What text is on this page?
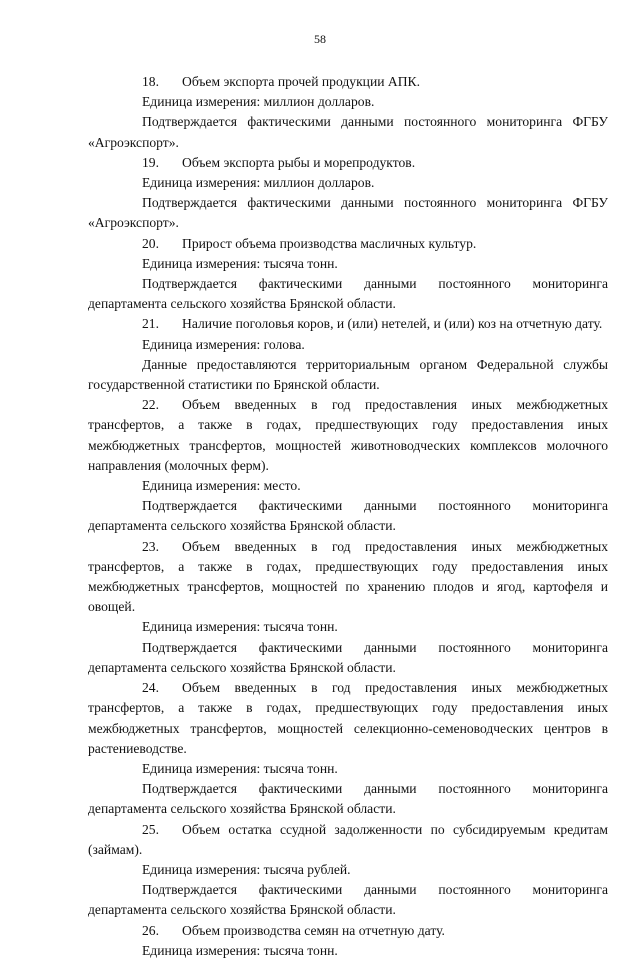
58

18. Объем экспорта прочей продукции АПК.

Единица измерения: миллион долларов.

Подтверждается фактическими данными постоянного мониторинга ФГБУ «Агроэкспорт».

19. Объем экспорта рыбы и морепродуктов.

Единица измерения: миллион долларов.

Подтверждается фактическими данными постоянного мониторинга ФГБУ «Агроэкспорт».

20. Прирост объема производства масличных культур.

Единица измерения: тысяча тонн.

Подтверждается фактическими данными постоянного мониторинга департамента сельского хозяйства Брянской области.

21. Наличие поголовья коров, и (или) нетелей, и (или) коз на отчетную дату.

Единица измерения: голова.

Данные предоставляются территориальным органом Федеральной службы государственной статистики по Брянской области.

22. Объем введенных в год предоставления иных межбюджетных трансфертов, а также в годах, предшествующих году предоставления иных межбюджетных трансфертов, мощностей животноводческих комплексов молочного направления (молочных ферм).

Единица измерения: место.

Подтверждается фактическими данными постоянного мониторинга департамента сельского хозяйства Брянской области.

23. Объем введенных в год предоставления иных межбюджетных трансфертов, а также в годах, предшествующих году предоставления иных межбюджетных трансфертов, мощностей по хранению плодов и ягод, картофеля и овощей.

Единица измерения: тысяча тонн.

Подтверждается фактическими данными постоянного мониторинга департамента сельского хозяйства Брянской области.

24. Объем введенных в год предоставления иных межбюджетных трансфертов, а также в годах, предшествующих году предоставления иных межбюджетных трансфертов, мощностей селекционно-семеноводческих центров в растениеводстве.

Единица измерения: тысяча тонн.

Подтверждается фактическими данными постоянного мониторинга департамента сельского хозяйства Брянской области.

25. Объем остатка ссудной задолженности по субсидируемым кредитам (займам).

Единица измерения: тысяча рублей.

Подтверждается фактическими данными постоянного мониторинга департамента сельского хозяйства Брянской области.

26. Объем производства семян на отчетную дату.

Единица измерения: тысяча тонн.
